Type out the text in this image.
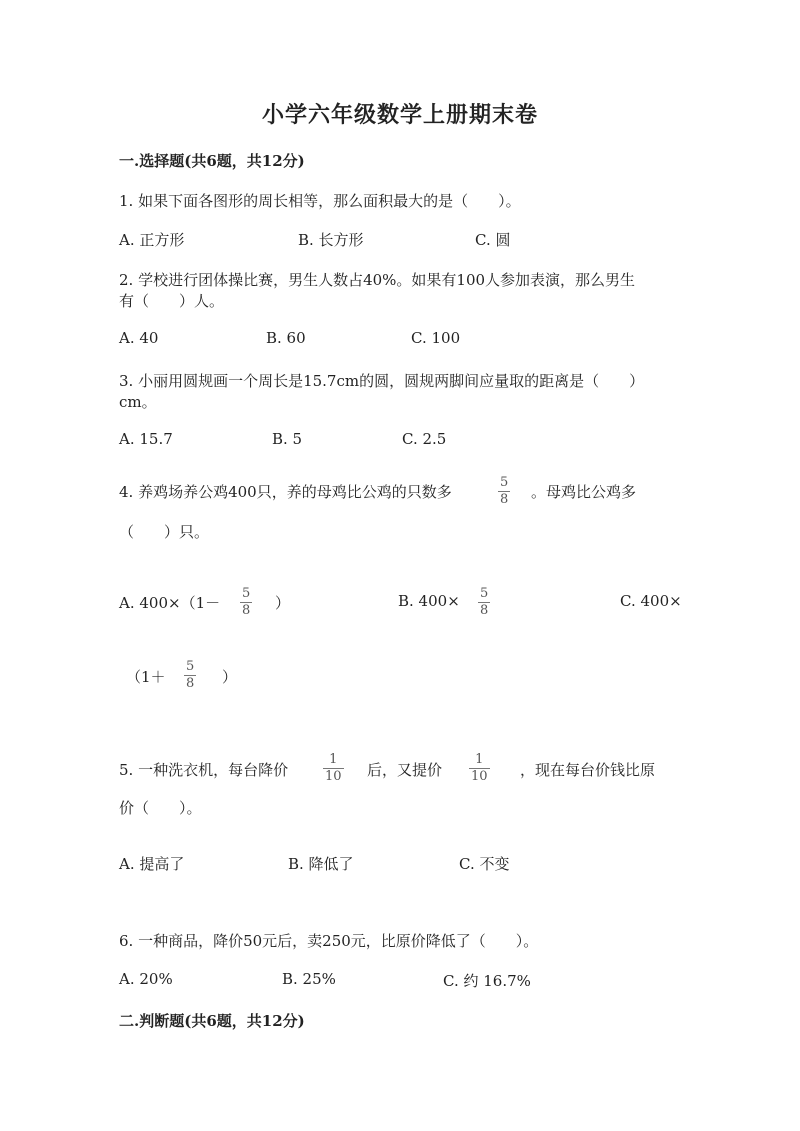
小学六年级数学上册期末卷
一.选择题(共6题，共12分)
1. 如果下面各图形的周长相等，那么面积最大的是（　　）。
A. 正方形	B. 长方形	C. 圆
2. 学校进行团体操比赛，男生人数占40%。如果有100人参加表演，那么男生
有（　　）人。
A. 40	B. 60	C. 100
3. 小丽用圆规画一个周长是15.7cm的圆，圆规两脚间应量取的距离是（　　）
cm。
A. 15.7	B. 5	C. 2.5
4. 养鸡场养公鸡400只，养的母鸡比公鸡的只数多
5
8 。母鸡比公鸡多
（　　）只。
A. 400×（1－
5
8 ）	B. 400× 5
8
C. 400×
（1＋
5
8 ）
5. 一种洗衣机，每台降价
1
10 后，又提价
1
10 ，现在每台价钱比原
价（　　）。
A. 提高了	B. 降低了	C. 不变
6. 一种商品，降价50元后，卖250元，比原价降低了（　　）。
A. 20%	B. 25%	C. 约 16.7%
二.判断题(共6题，共12分)
